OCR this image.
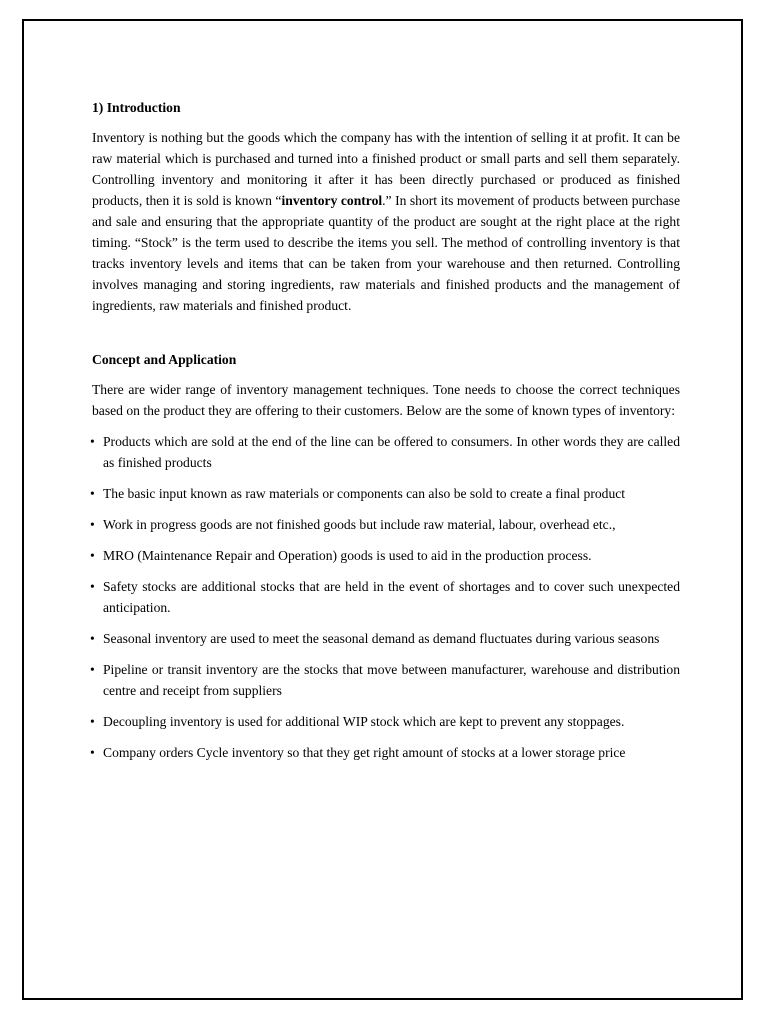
1) Introduction

Inventory is nothing but the goods which the company has with the intention of selling it at profit. It can be raw material which is purchased and turned into a finished product or small parts and sell them separately. Controlling inventory and monitoring it after it has been directly purchased or produced as finished products, then it is sold is known “inventory control.” In short its movement of products between purchase and sale and ensuring that the appropriate quantity of the product are sought at the right place at the right timing. “Stock” is the term used to describe the items you sell. The method of controlling inventory is that tracks inventory levels and items that can be taken from your warehouse and then returned. Controlling involves managing and storing ingredients, raw materials and finished products and the management of ingredients, raw materials and finished product.

Concept and Application

There are wider range of inventory management techniques. Tone needs to choose the correct techniques based on the product they are offering to their customers. Below are the some of known types of inventory:

• Products which are sold at the end of the line can be offered to consumers. In other words they are called as finished products
• The basic input known as raw materials or components can also be sold to create a final product
• Work in progress goods are not finished goods but include raw material, labour, overhead etc.,
• MRO (Maintenance Repair and Operation) goods is used to aid in the production process.
• Safety stocks are additional stocks that are held in the event of shortages and to cover such unexpected anticipation.
• Seasonal inventory are used to meet the seasonal demand as demand fluctuates during various seasons
• Pipeline or transit inventory are the stocks that move between manufacturer, warehouse and distribution centre and receipt from suppliers
• Decoupling inventory is used for additional WIP stock which are kept to prevent any stoppages.
• Company orders Cycle inventory so that they get right amount of stocks at a lower storage price
